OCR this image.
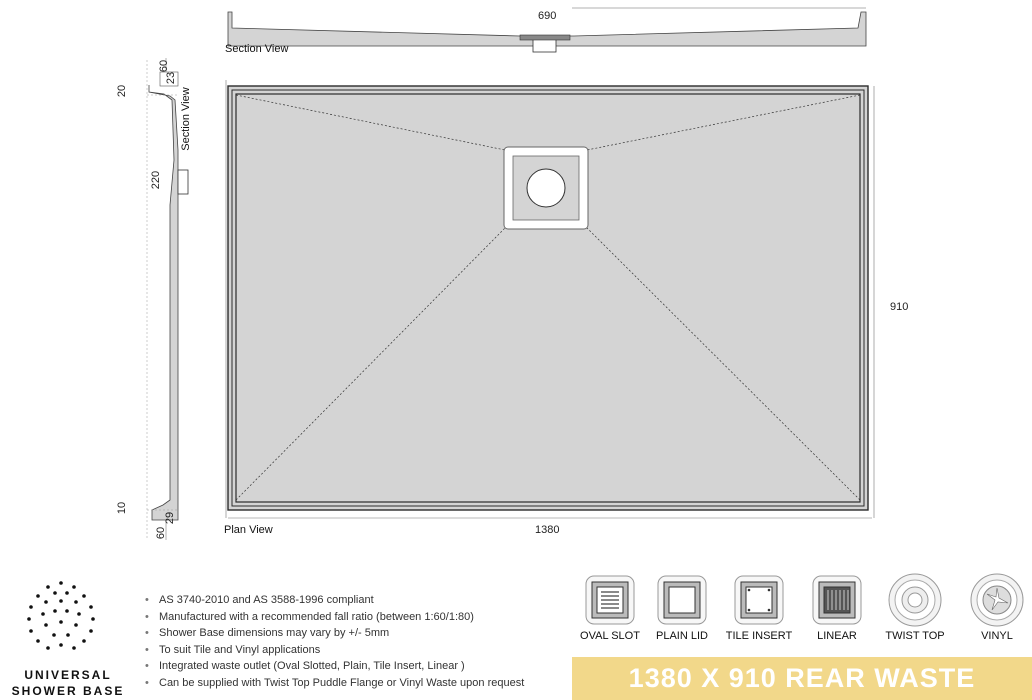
690
Section View
60
23
20	Section View
220
10
29
60	Plan View	1380
910
UNIVERSAL
SHOWER BASE
• AS 3740-2010 and AS 3588-1996 compliant
• Manufactured with a recommended fall ratio (between 1:60/1:80)
• Shower Base dimensions may vary by +/- 5mm
• To suit Tile and Vinyl applications
• Integrated waste outlet (Oval Slotted, Plain, Tile Insert, Linear )
• Can be supplied with Twist Top Puddle Flange or Vinyl Waste upon request
OVAL SLOT	PLAIN LID	TILE INSERT	LINEAR	TWIST TOP	VINYL
1380 X 910 REAR WASTE
